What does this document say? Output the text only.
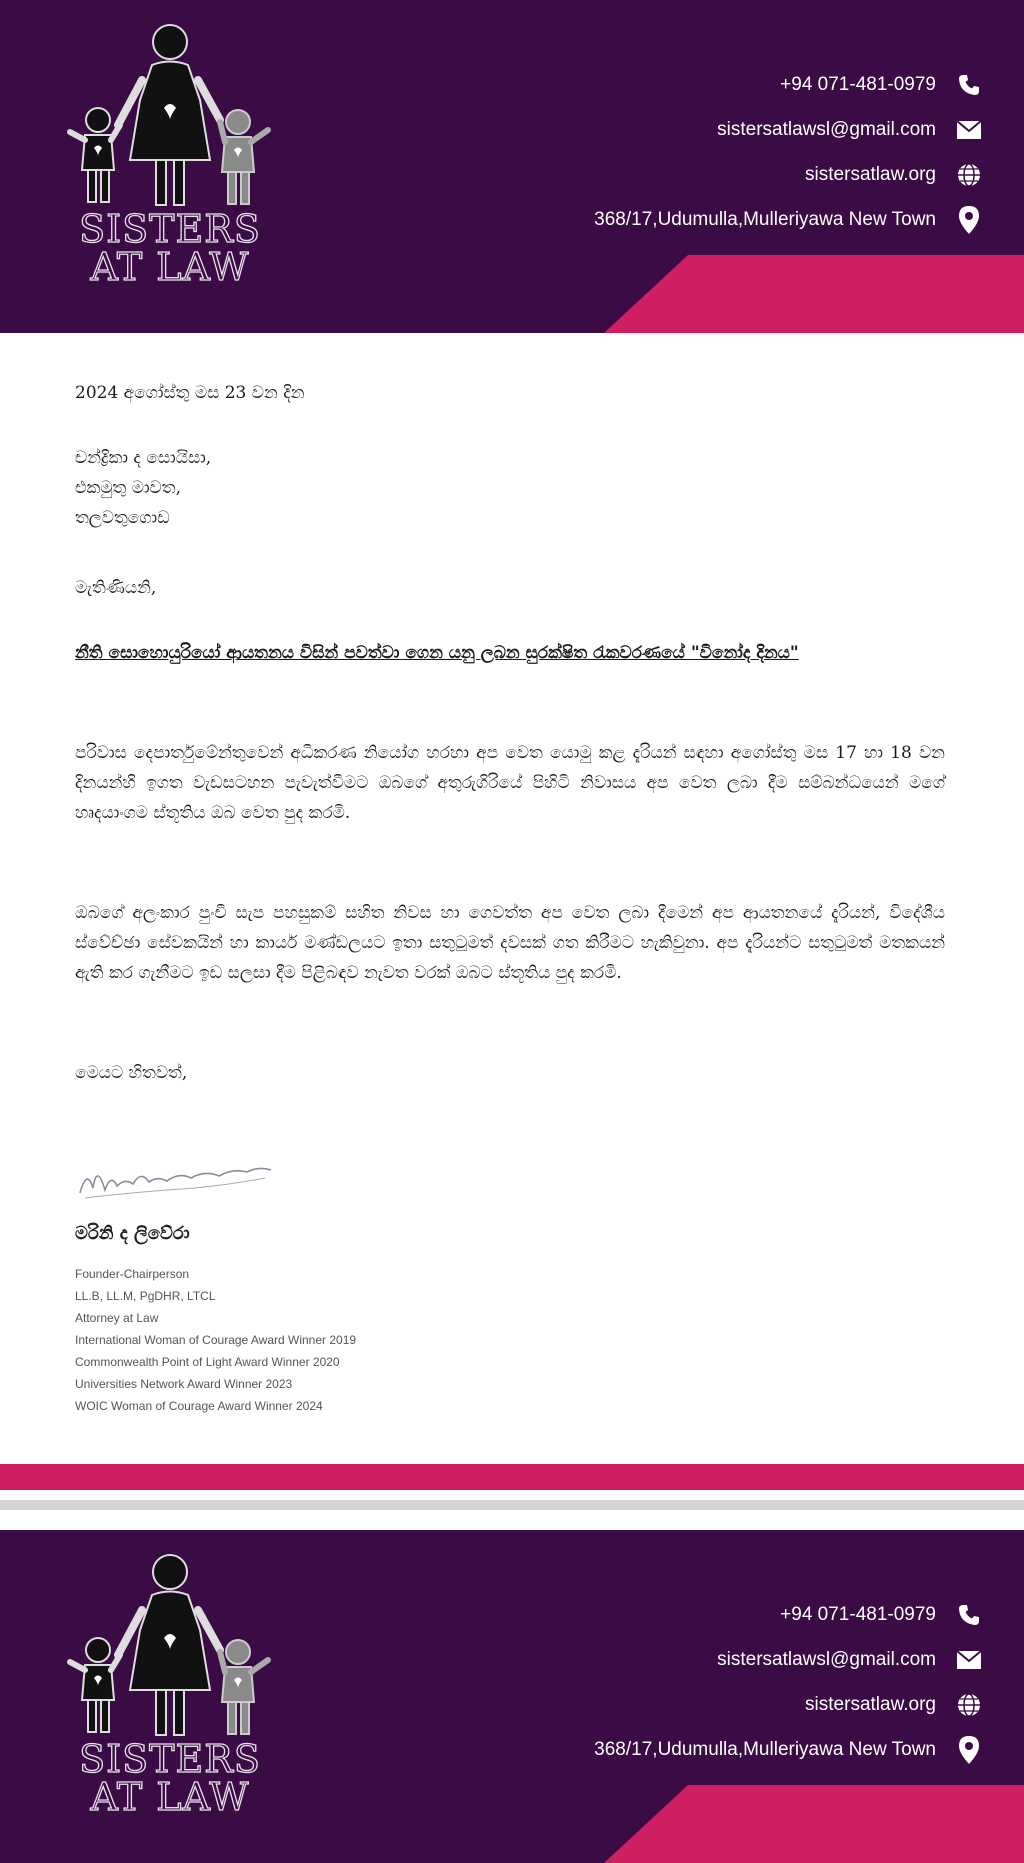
SISTERS
AT LAW
+94 071-481-0979
sistersatlawsl@gmail.com
sistersatlaw.org
368/17,Udumulla,Mulleriyawa New Town

2024 අගෝස්තු මස 23 වන දින

චන්ද්‍රිකා ද සොයිසා,
එකමුතු මාවත,
තලවතුගොඩ

මැතිණියනි,

නීති සොහොයුරියෝ ආයතනය විසින් පවත්වා ගෙන යනු ලබන සුරක්ෂිත රැකවරණයේ "විනෝද දිනය"

පරිවාස දෙපාර්තුමේන්තුවෙන් අධිකරණ නියෝග හරහා අප වෙත යොමු කළ දැරියන් සඳහා අගෝස්තු මස 17 හා 18 වන දිනයන්හි ඉගත වැඩසටහන පැවැත්වීමට ඔබගේ අතුරුගිරියේ පිහිටි නිවාසය අප වෙත ලබා දීම සම්බන්ධයෙන් මගේ හෘදයාංගම ස්තූතිය ඔබ වෙත පුද කරමි.

ඔබගේ අලංකාර පුංචි සැප පහසුකම් සහිත නිවස හා ගෙවත්ත අප වෙත ලබා දීමෙන් අප ආයතනයේ දැරියන්, විදේශීය ස්වේච්ඡා සේවකයින් හා කාර්ය මණ්ඩලයට ඉතා සතුටුමත් දවසක් ගත කිරීමට හැකිවුනා. අප දැරියන්ට සතුටුමත් මතකයන් ඇති කර ගැනීමට ඉඩ සලසා දීම පිළිබඳව නැවත වරක් ඔබට ස්තූතිය පුද කරමි.

මෙයට හිතවත්,

මරිනි ද ලිවේරා
Founder-Chairperson
LL.B, LL.M, PgDHR, LTCL
Attorney at Law
International Woman of Courage Award Winner 2019
Commonwealth Point of Light Award Winner 2020
Universities Network Award Winner 2023
WOIC Woman of Courage Award Winner 2024
SISTERS
AT LAW
+94 071-481-0979
sistersatlawsl@gmail.com
sistersatlaw.org
368/17,Udumulla,Mulleriyawa New Town
